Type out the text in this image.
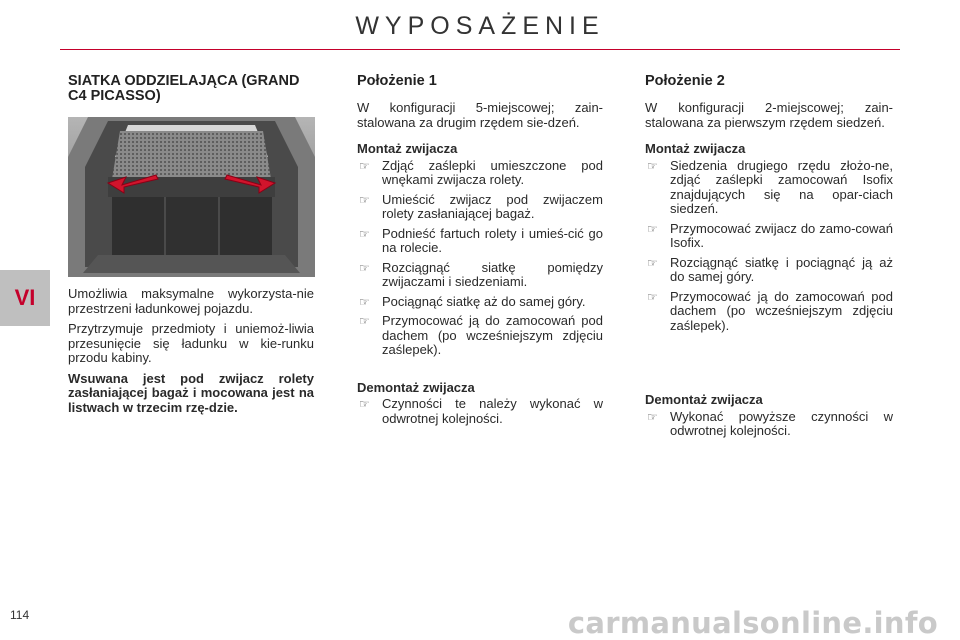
WYPOSAŻENIE
VI
SIATKA ODDZIELAJĄCA (GRAND C4 PICASSO)

Umożliwia maksymalne wykorzysta-nie przestrzeni ładunkowej pojazdu.

Przytrzymuje przedmioty i uniemoż-liwia przesunięcie się ładunku w kie-runku przodu kabiny.

Wsuwana jest pod zwijacz rolety zasłaniającej bagaż i mocowana jest na listwach w trzecim rzę-dzie.

Położenie 1

W konfiguracji 5-miejscowej; zain-stalowana za drugim rzędem sie-dzeń.

Montaż zwijacza
☞ Zdjąć zaślepki umieszczone pod wnękami zwijacza rolety.
☞ Umieścić zwijacz pod zwijaczem rolety zasłaniającej bagaż.
☞ Podnieść fartuch rolety i umieś-cić go na rolecie.
☞ Rozciągnąć siatkę pomiędzy zwijaczami i siedzeniami.
☞ Pociągnąć siatkę aż do samej góry.
☞ Przymocować ją do zamocowań pod dachem (po wcześniejszym zdjęciu zaślepek).
Demontaż zwijacza
☞ Czynności te należy wykonać w odwrotnej kolejności.
Położenie 2

W konfiguracji 2-miejscowej; zain-stalowana za pierwszym rzędem siedzeń.

Montaż zwijacza
☞ Siedzenia drugiego rzędu złożo-ne, zdjąć zaślepki zamocowań Isofix znajdujących się na opar-ciach siedzeń.
☞ Przymocować zwijacz do zamo-cowań Isofix.
☞ Rozciągnąć siatkę i pociągnąć ją aż do samej góry.
☞ Przymocować ją do zamocowań pod dachem (po wcześniejszym zdjęciu zaślepek).
Demontaż zwijacza
☞ Wykonać powyższe czynności w odwrotnej kolejności.
114	carmanualsonline.info
